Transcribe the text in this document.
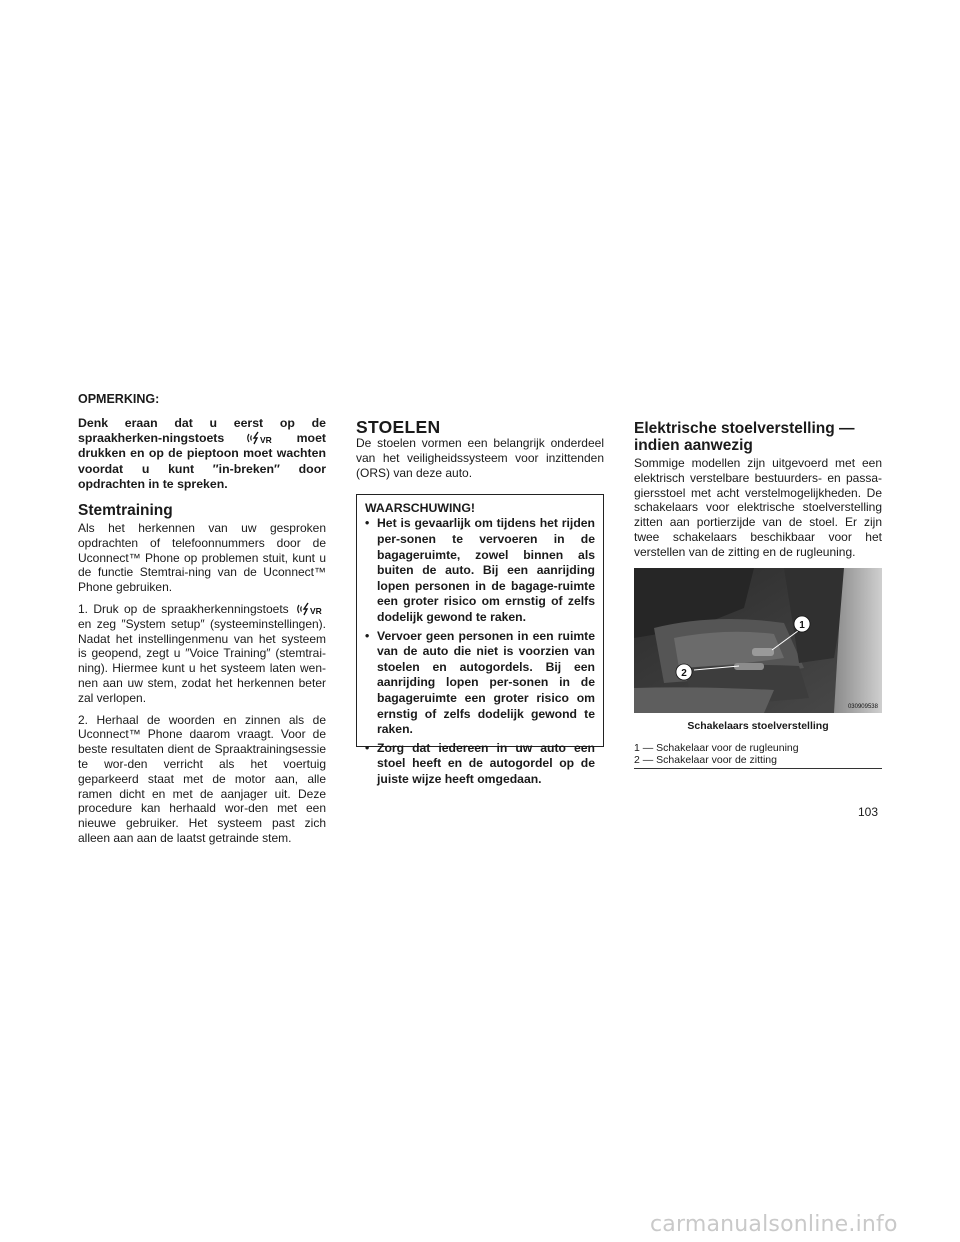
OPMERKING:

Denk eraan dat u eerst op de spraakherken-ningstoets	VR moet drukken en op de pieptoon moet wachten voordat u kunt ″in-breken″ door opdrachten in te spreken.

Stemtraining

Als het herkennen van uw gesproken opdrachten of telefoonnummers door de Uconnect™ Phone op problemen stuit, kunt u de functie Stemtrai-ning van de Uconnect™ Phone gebruiken.

1. Druk op de spraakherkenningstoets	VR
en zeg ″System setup″ (systeeminstellingen). Nadat het instellingenmenu van het systeem is geopend, zegt u ″Voice Training″ (stemtrai-ning). Hiermee kunt u het systeem laten wen-nen aan uw stem, zodat het herkennen beter zal verlopen.

2. Herhaal de woorden en zinnen als de Uconnect™ Phone daarom vraagt. Voor de beste resultaten dient de Spraaktrainingsessie te wor-den verricht als het voertuig geparkeerd staat met de motor aan, alle ramen dicht en met de aanjager uit. Deze procedure kan herhaald wor-den met een nieuwe gebruiker. Het systeem past zich alleen aan aan de laatst getrainde stem.

STOELEN

De stoelen vormen een belangrijk onderdeel van het veiligheidssysteem voor inzittenden (ORS) van deze auto.

WAARSCHUWING!

• Het is gevaarlijk om tijdens het rijden per-sonen te vervoeren in de bagageruimte, zowel binnen als buiten de auto. Bij een aanrijding lopen personen in de bagage-ruimte een groter risico om ernstig of zelfs dodelijk gewond te raken.
• Vervoer geen personen in een ruimte van de auto die niet is voorzien van stoelen en autogordels. Bij een aanrijding lopen per-sonen in de bagageruimte een groter risico om ernstig of zelfs dodelijk gewond te raken.
• Zorg dat iedereen in uw auto een stoel heeft en de autogordel op de juiste wijze heeft omgedaan.
Elektrische stoelverstelling — indien aanwezig

Sommige modellen zijn uitgevoerd met een elektrisch verstelbare bestuurders- en passa-giersstoel met acht verstelmogelijkheden. De schakelaars voor elektrische stoelverstelling zitten aan portierzijde van de stoel. Er zijn twee schakelaars beschikbaar voor het verstellen van de zitting en de rugleuning.

1
2
030909538

Schakelaars stoelverstelling

1 — Schakelaar voor de rugleuning

2 — Schakelaar voor de zitting

103
carmanualsonline.info
